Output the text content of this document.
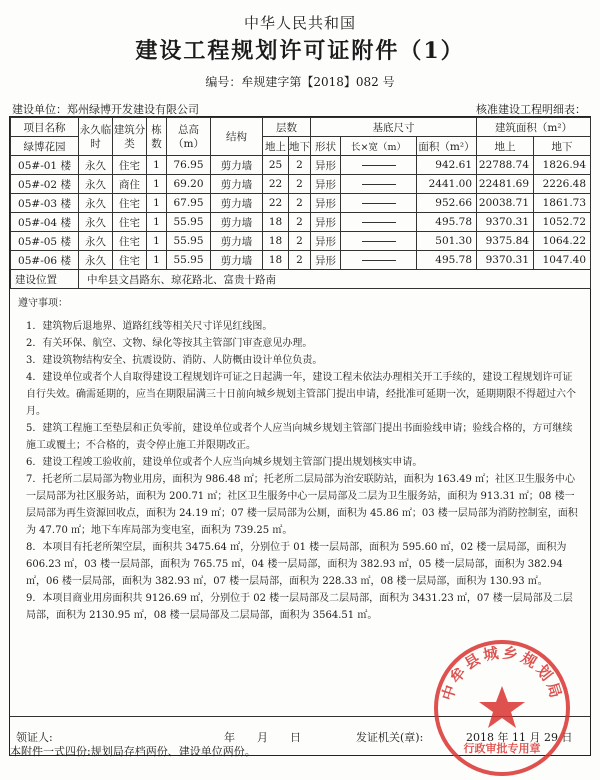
中华人民共和国
建设工程规划许可证附件（1）
编号：牟规建字第【2018】082 号
建设单位：郑州绿博开发建设有限公司	核准建设工程明细表：
项目名称	永久临时	建筑分类	栋数	总高（m）	结构	层数		基底尺寸			建筑面积（m²）	
绿博花园						地上	地下	形状	长×宽（m）	面积（m²）	地上	地下
05#-01 楼	永久	住宅	1	76.95	剪力墙	25	2	异形		942.61	22788.74	1826.94
05#-02 楼	永久	商住	1	69.20	剪力墙	22	2	异形		2441.00	22481.69	2226.48
05#-03 楼	永久	住宅	1	67.95	剪力墙	22	2	异形		952.66	20038.71	1861.73
05#-04 楼	永久	住宅	1	55.95	剪力墙	18	2	异形		495.78	9370.31	1052.72
05#-05 楼	永久	住宅	1	55.95	剪力墙	18	2	异形		501.30	9375.84	1064.22
05#-06 楼	永久	住宅	1	55.95	剪力墙	18	2	异形		495.78	9370.31	1047.40
建设位置	中牟县文昌路东、琼花路北、富贵十路南											
遵守事项：

1．建筑物后退地界、道路红线等相关尺寸详见红线图。

2．有关环保、航空、文物、绿化等按其主管部门审查意见办理。

3．建设筑物结构安全、抗震设防、消防、人防概由设计单位负责。

4．建设单位或者个人自取得建设工程规划许可证之日起满一年，建设工程未依法办理相关开工手续的，建设工程规划许可证自行失效。确需延期的，应当在期限届满三十日前向城乡规划主管部门提出申请，经批准可延期一次，延期期限不得超过六个月。

5．建筑工程施工至垫层和正负零前，建设单位或者个人应当向城乡规划主管部门提出书面验线申请；验线合格的，方可继续施工或覆土；不合格的，责令停止施工并限期改正。

6．建设工程竣工验收前，建设单位或者个人应当向城乡规划主管部门提出规划核实申请。

7．托老所二层局部为物业用房，面积为 986.48 ㎡；托老所二层局部为治安联防站，面积为 163.49 ㎡；社区卫生服务中心一层局部为社区服务站，面积为 200.71 ㎡；社区卫生服务中心一层局部及二层为卫生服务站，面积为 913.31 ㎡；08 楼一层局部为再生资源回收点，面积为 24.19 ㎡；07 楼一层局部为公厕，面积为 45.86 ㎡；03 楼一层局部为消防控制室，面积为 47.70 ㎡；地下车库局部为变电室，面积为 739.25 ㎡。

8．本项目有托老所架空层，面积共 3475.64 ㎡，分别位于 01 楼一层局部，面积为 595.60 ㎡，02 楼一层局部，面积为 606.23 ㎡，03 楼一层局部，面积为 765.75 ㎡，04 楼一层局部，面积为 382.93 ㎡，05 楼一层局部，面积为 382.94 ㎡，06 楼一层局部，面积为 382.93 ㎡，07 楼一层局部，面积为 228.33 ㎡，08 楼一层局部，面积为 130.93 ㎡。

9．本项目商业用房面积共 9126.69 ㎡，分别位于 02 楼一层局部及二层局部，面积为 3431.23 ㎡，07 楼一层局部及二层局部，面积为 2130.95 ㎡，08 楼一层局部及二层局部，面积为 3564.51 ㎡。

领证人:	年 月 日	发证机关(章):	2018 年 11 月 29 日
本附件一式四份:规划局存档两份、建设单位两份。
中牟县城乡规划局
行政审批专用章
